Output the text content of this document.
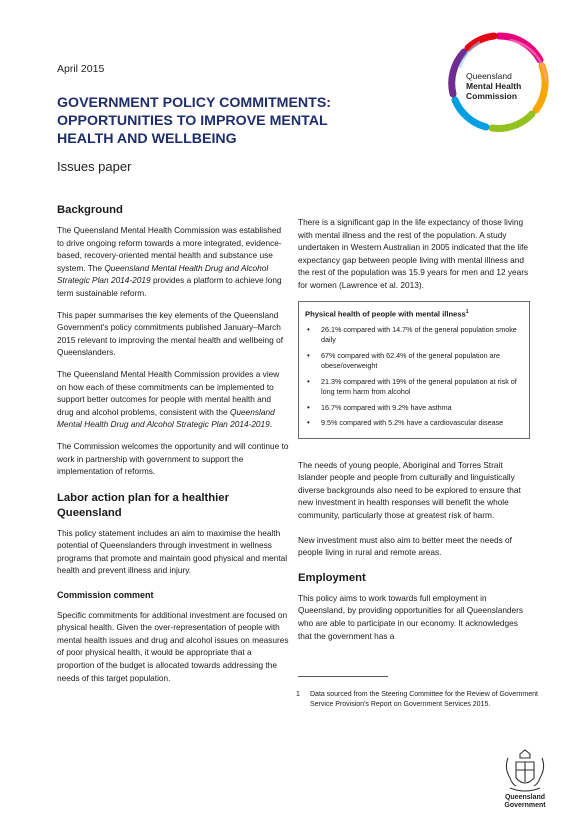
April 2015
GOVERNMENT POLICY COMMITMENTS: OPPORTUNITIES TO IMPROVE MENTAL HEALTH AND WELLBEING
Issues paper
Queensland
Mental Health
Commission
Background

The Queensland Mental Health Commission was established to drive ongoing reform towards a more integrated, evidence-based, recovery-oriented mental health and substance use system. The Queensland Mental Health Drug and Alcohol Strategic Plan 2014-2019 provides a platform to achieve long term sustainable reform.

This paper summarises the key elements of the Queensland Government's policy commitments published January–March 2015 relevant to improving the mental health and wellbeing of Queenslanders.

The Queensland Mental Health Commission provides a view on how each of these commitments can be implemented to support better outcomes for people with mental health and drug and alcohol problems, consistent with the Queensland Mental Health Drug and Alcohol Strategic Plan 2014-2019.

The Commission welcomes the opportunity and will continue to work in partnership with government to support the implementation of reforms.

Labor action plan for a healthier Queensland

This policy statement includes an aim to maximise the health potential of Queenslanders through investment in wellness programs that promote and maintain good physical and mental health and prevent illness and injury.

Commission comment

Specific commitments for additional investment are focused on physical health. Given the over-representation of people with mental health issues and drug and alcohol issues on measures of poor physical health, it would be appropriate that a proportion of the budget is allocated towards addressing the needs of this target population.

There is a significant gap in the life expectancy of those living with mental illness and the rest of the population. A study undertaken in Western Australian in 2005 indicated that the life expectancy gap between people living with mental illness and the rest of the population was 15.9 years for men and 12 years for women (Lawrence et al. 2013).

Physical health of people with mental illness$^1$
• 26.1% compared with 14.7% of the general population smoke daily
• 67% compared with 62.4% of the general population are obese/overweight
• 21.3% compared with 19% of the general population at risk of long term harm from alcohol
• 16.7% compared with 9.2% have asthma
• 9.5% compared with 5.2% have a cardiovascular disease

The needs of young people, Aboriginal and Torres Strait Islander people and people from culturally and linguistically diverse backgrounds also need to be explored to ensure that new investment in health responses will benefit the whole community, particularly those at greatest risk of harm.

New investment must also aim to better meet the needs of people living in rural and remote areas.

Employment

This policy aims to work towards full employment in Queensland, by providing opportunities for all Queenslanders who are able to participate in our economy. It acknowledges that the government has a

1 Data sourced from the Steering Committee for the Review of Government Service Provision's Report on Government Services 2015.
Queensland
Government
